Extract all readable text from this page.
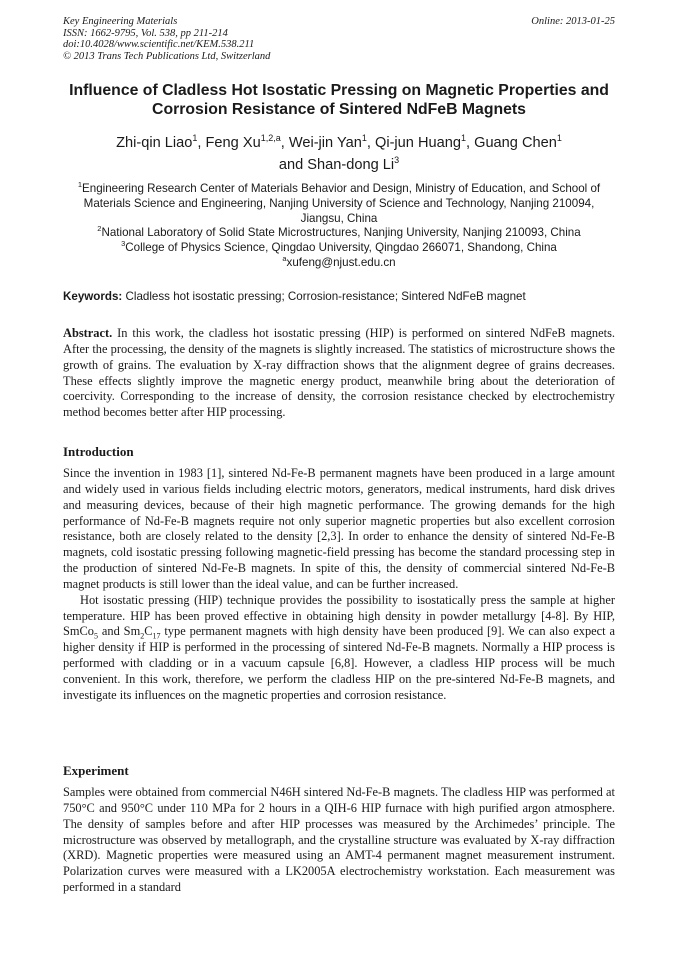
Key Engineering Materials
ISSN: 1662-9795, Vol. 538, pp 211-214
doi:10.4028/www.scientific.net/KEM.538.211
© 2013 Trans Tech Publications Ltd, Switzerland
Online: 2013-01-25
Influence of Cladless Hot Isostatic Pressing on Magnetic Properties and
Corrosion Resistance of Sintered NdFeB Magnets
Zhi-qin Liao$^1$, Feng Xu$^{1,2,a}$, Wei-jin Yan$^1$, Qi-jun Huang$^1$, Guang Chen$^1$
and Shan-dong Li$^3$
$^1$Engineering Research Center of Materials Behavior and Design, Ministry of Education, and School of Materials Science and Engineering, Nanjing University of Science and Technology, Nanjing 210094, Jiangsu, China
$^2$National Laboratory of Solid State Microstructures, Nanjing University, Nanjing 210093, China
$^3$College of Physics Science, Qingdao University, Qingdao 266071, Shandong, China
$^a$xufeng@njust.edu.cn
Keywords: Cladless hot isostatic pressing; Corrosion-resistance; Sintered NdFeB magnet
Abstract. In this work, the cladless hot isostatic pressing (HIP) is performed on sintered NdFeB magnets. After the processing, the density of the magnets is slightly increased. The statistics of microstructure shows the growth of grains. The evaluation by X-ray diffraction shows that the alignment degree of grains decreases. These effects slightly improve the magnetic energy product, meanwhile bring about the deterioration of coercivity. Corresponding to the increase of density, the corrosion resistance checked by electrochemistry method becomes better after HIP processing.
Introduction

Since the invention in 1983 [1], sintered Nd-Fe-B permanent magnets have been produced in a large amount and widely used in various fields including electric motors, generators, medical instruments, hard disk drives and measuring devices, because of their high magnetic performance. The growing demands for the high performance of Nd-Fe-B magnets require not only superior magnetic properties but also excellent corrosion resistance, both are closely related to the density [2,3]. In order to enhance the density of sintered Nd-Fe-B magnets, cold isostatic pressing following magnetic-field pressing has become the standard processing step in the production of sintered Nd-Fe-B magnets. In spite of this, the density of commercial sintered Nd-Fe-B magnet products is still lower than the ideal value, and can be further increased.

Hot isostatic pressing (HIP) technique provides the possibility to isostatically press the sample at higher temperature. HIP has been proved effective in obtaining high density in powder metallurgy [4-8]. By HIP, SmCo$_5$ and $Sm_2C_{17}$ type permanent magnets with high density have been produced [9]. We can also expect a higher density if HIP is performed in the processing of sintered Nd-Fe-B magnets. Normally a HIP process is performed with cladding or in a vacuum capsule [6,8]. However, a cladless HIP process will be much convenient. In this work, therefore, we perform the cladless HIP on the pre-sintered Nd-Fe-B magnets, and investigate its influences on the magnetic properties and corrosion resistance.

Experiment

Samples were obtained from commercial N46H sintered Nd-Fe-B magnets. The cladless HIP was performed at 750°C and 950°C under 110 MPa for 2 hours in a QIH-6 HIP furnace with high purified argon atmosphere. The density of samples before and after HIP processes was measured by the Archimedes’ principle. The microstructure was observed by metallograph, and the crystalline structure was evaluated by X-ray diffraction (XRD). Magnetic properties were measured using an AMT-4 permanent magnet measurement instrument. Polarization curves were measured with a LK2005A electrochemistry workstation. Each measurement was performed in a standard
